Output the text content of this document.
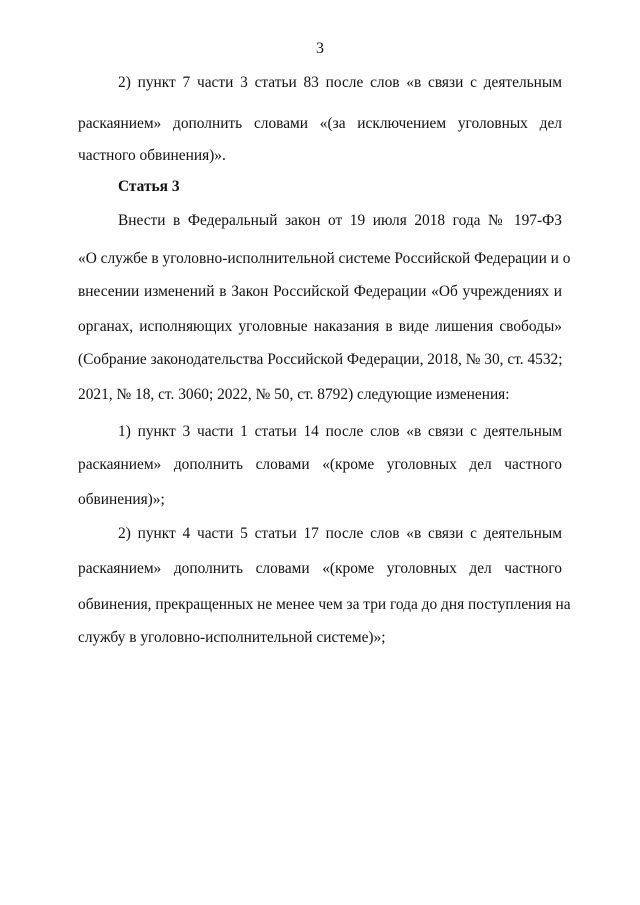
3
2) пункт 7 части 3 статьи 83 после слов «в связи с деятельным
раскаянием» дополнить словами «(за исключением уголовных дел
частного обвинения)».
Статья 3
Внести в Федеральный закон от 19 июля 2018 года № 197-ФЗ
«О службе в уголовно-исполнительной системе Российской Федерации и о
внесении изменений в Закон Российской Федерации «Об учреждениях и
органах, исполняющих уголовные наказания в виде лишения свободы»
(Собрание законодательства Российской Федерации, 2018, № 30, ст. 4532;
2021, № 18, ст. 3060; 2022, № 50, ст. 8792) следующие изменения:
1) пункт 3 части 1 статьи 14 после слов «в связи с деятельным
раскаянием» дополнить словами «(кроме уголовных дел частного
обвинения)»;
2) пункт 4 части 5 статьи 17 после слов «в связи с деятельным
раскаянием» дополнить словами «(кроме уголовных дел частного
обвинения, прекращенных не менее чем за три года до дня поступления на
службу в уголовно-исполнительной системе)»;
